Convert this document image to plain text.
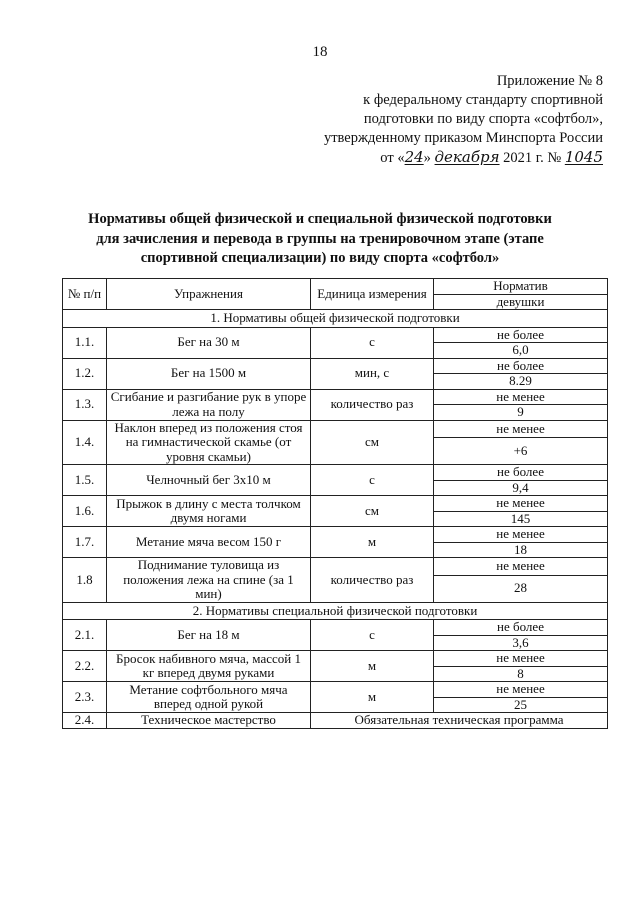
18
Приложение № 8
к федеральному стандарту спортивной
подготовки по виду спорта «софтбол»,
утвержденному приказом Минспорта России
от «24» декабря 2021 г. № 1045
Нормативы общей физической и специальной физической подготовки
для зачисления и перевода в группы на тренировочном этапе (этапе
спортивной специализации) по виду спорта «софтбол»
№ п/п	Упражнения	Единица измерения	Норматив
			девушки
1. Нормативы общей физической подготовки			
1.1.	Бег на 30 м	с	не более
			6,0
1.2.	Бег на 1500 м	мин, с	не более
			8.29
1.3.	Сгибание и разгибание рук в упоре лежа на полу	количество раз	не менее
			9
1.4.	Наклон вперед из положения стоя на гимнастической скамье (от уровня скамьи)	см	не менее
			+6
1.5.	Челночный бег 3х10 м	с	не более
			9,4
1.6.	Прыжок в длину с места толчком двумя ногами	см	не менее
			145
1.7.	Метание мяча весом 150 г	м	не менее
			18
1.8	Поднимание туловища из положения лежа на спине (за 1 мин)	количество раз	не менее
			28
2. Нормативы специальной физической подготовки			
2.1.	Бег на 18 м	с	не более
			3,6
2.2.	Бросок набивного мяча, массой 1 кг вперед двумя руками	м	не менее
			8
2.3.	Метание софтбольного мяча вперед одной рукой	м	не менее
			25
2.4.	Техническое мастерство	Обязательная техническая программа	
